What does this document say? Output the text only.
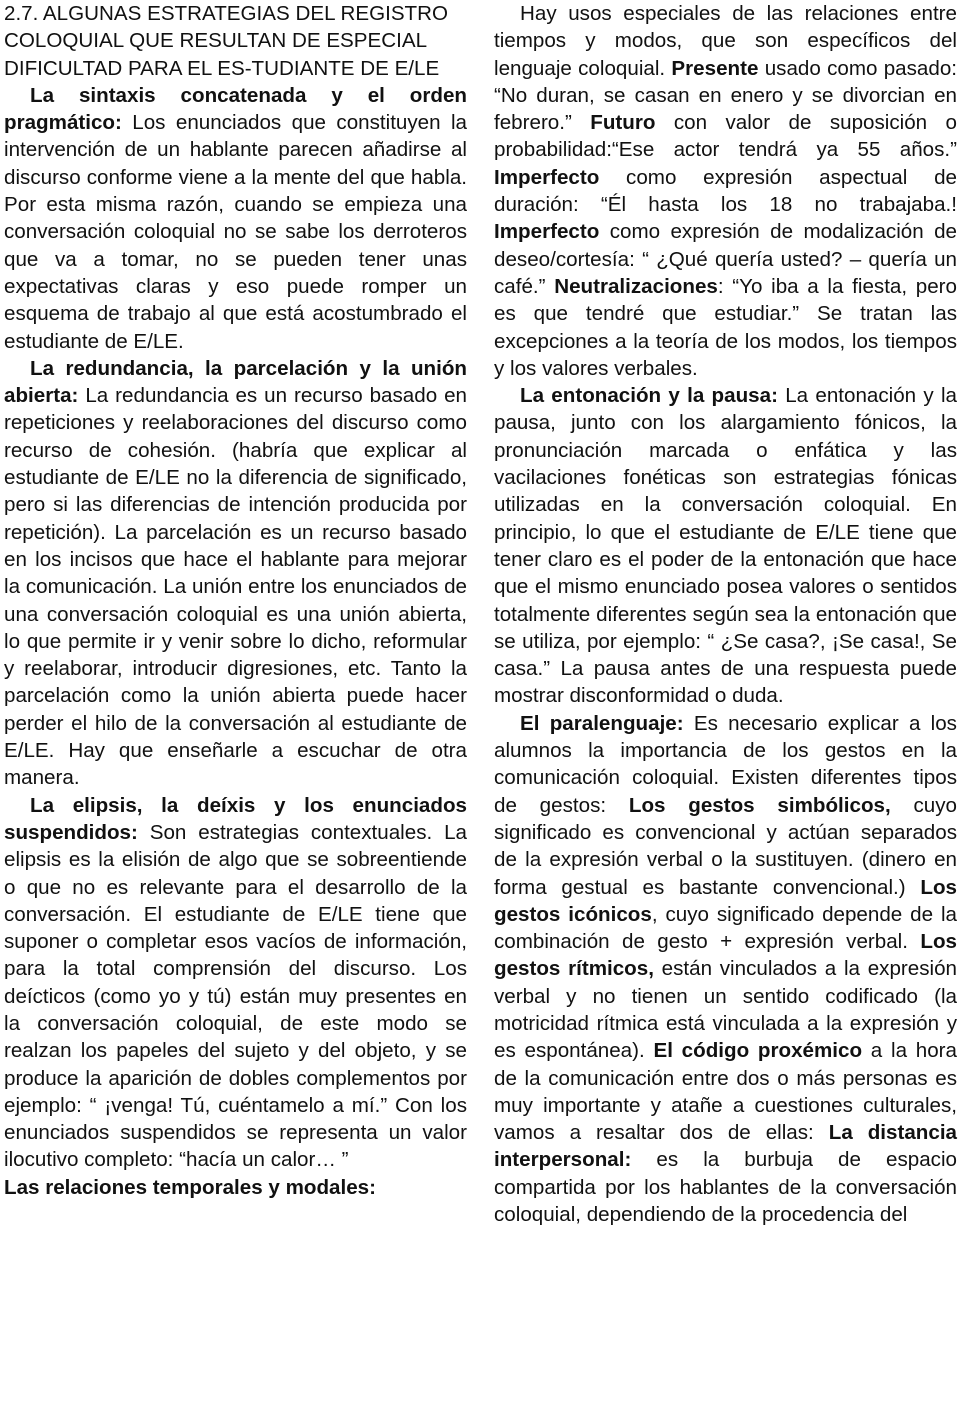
2.7. ALGUNAS ESTRATEGIAS DEL REGISTRO COLOQUIAL QUE RESULTAN DE ESPECIAL DIFICULTAD PARA EL ES-TUDIANTE DE E/LE

La sintaxis concatenada y el orden pragmático: Los enunciados que constituyen la intervención de un hablante parecen añadirse al discurso conforme viene a la mente del que habla. Por esta misma razón, cuando se empieza una conversación coloquial no se sabe los derroteros que va a tomar, no se pueden tener unas expectativas claras y eso puede romper un esquema de trabajo al que está acostumbrado el estudiante de E/LE.

La redundancia, la parcelación y la unión abierta: La redundancia es un recurso basado en repeticiones y reelaboraciones del discurso como recurso de cohesión. (habría que explicar al estudiante de E/LE no la diferencia de significado, pero si las diferencias de intención producida por repetición). La parcelación es un recurso basado en los incisos que hace el hablante para mejorar la comunicación. La unión entre los enunciados de una conversación coloquial es una unión abierta, lo que permite ir y venir sobre lo dicho, reformular y reelaborar, introducir digresiones, etc. Tanto la parcelación como la unión abierta puede hacer perder el hilo de la conversación al estudiante de E/LE. Hay que enseñarle a escuchar de otra manera.

La elipsis, la deíxis y los enunciados suspendidos: Son estrategias contextuales. La elipsis es la elisión de algo que se sobreentiende o que no es relevante para el desarrollo de la conversación. El estudiante de E/LE tiene que suponer o completar esos vacíos de información, para la total comprensión del discurso. Los deícticos (como yo y tú) están muy presentes en la conversación coloquial, de este modo se realzan los papeles del sujeto y del objeto, y se produce la aparición de dobles complementos por ejemplo: “ ¡venga! Tú, cuéntamelo a mí.” Con los enunciados suspendidos se representa un valor ilocutivo completo: “hacía un calor… ”

Las relaciones temporales y modales:

Hay usos especiales de las relaciones entre tiempos y modos, que son específicos del lenguaje coloquial. Presente usado como pasado: “No duran, se casan en enero y se divorcian en febrero.” Futuro con valor de suposición o probabilidad:“Ese actor tendrá ya 55 años.” Imperfecto como expresión aspectual de duración: “Él hasta los 18 no trabajaba.! Imperfecto como expresión de modalización de deseo/cortesía: “ ¿Qué quería usted? – quería un café.” Neutralizaciones: “Yo iba a la fiesta, pero es que tendré que estudiar.” Se tratan las excepciones a la teoría de los modos, los tiempos y los valores verbales.

La entonación y la pausa: La entonación y la pausa, junto con los alargamiento fónicos, la pronunciación marcada o enfática y las vacilaciones fonéticas son estrategias fónicas utilizadas en la conversación coloquial. En principio, lo que el estudiante de E/LE tiene que tener claro es el poder de la entonación que hace que el mismo enunciado posea valores o sentidos totalmente diferentes según sea la entonación que se utiliza, por ejemplo: “ ¿Se casa?, ¡Se casa!, Se casa.” La pausa antes de una respuesta puede mostrar disconformidad o duda.

El paralenguaje: Es necesario explicar a los alumnos la importancia de los gestos en la comunicación coloquial. Existen diferentes tipos de gestos: Los gestos simbólicos, cuyo significado es convencional y actúan separados de la expresión verbal o la sustituyen. (dinero en forma gestual es bastante convencional.) Los gestos icónicos, cuyo significado depende de la combinación de gesto + expresión verbal. Los gestos rítmicos, están vinculados a la expresión verbal y no tienen un sentido codificado (la motricidad rítmica está vinculada a la expresión y es espontánea). El código proxémico a la hora de la comunicación entre dos o más personas es muy importante y atañe a cuestiones culturales, vamos a resaltar dos de ellas: La distancia interpersonal: es la burbuja de espacio compartida por los hablantes de la conversación coloquial, dependiendo de la procedencia del
